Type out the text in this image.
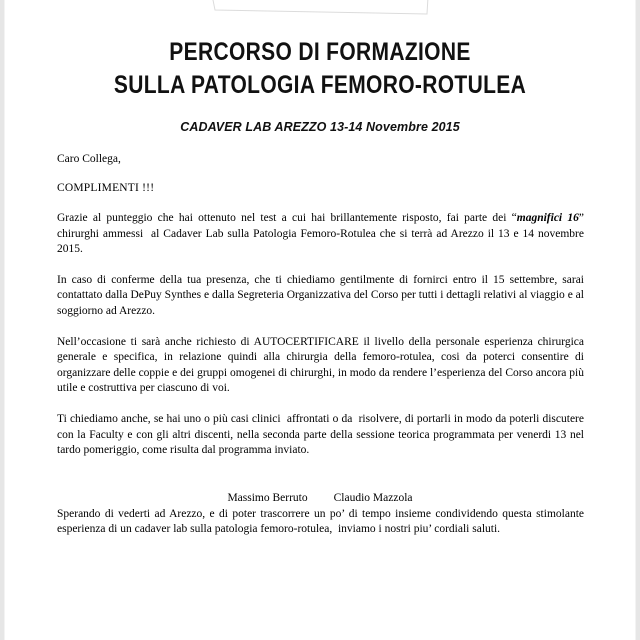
PERCORSO DI FORMAZIONE
SULLA PATOLOGIA FEMORO-ROTULEA
CADAVER LAB AREZZO 13-14 Novembre 2015

Caro Collega,

COMPLIMENTI !!!

Grazie al punteggio che hai ottenuto nel test a cui hai brillantemente risposto, fai parte dei “magnifici 16” chirurghi ammessi  al Cadaver Lab sulla Patologia Femoro-Rotulea che si terrà ad Arezzo il 13 e 14 novembre 2015.

In caso di conferme della tua presenza, che ti chiediamo gentilmente di fornirci entro il 15 settembre, sarai contattato dalla DePuy Synthes e dalla Segreteria Organizzativa del Corso per tutti i dettagli relativi al viaggio e al  soggiorno ad Arezzo.

Nell’occasione ti sarà anche richiesto di AUTOCERTIFICARE il livello della personale esperienza chirurgica generale e specifica, in relazione quindi alla chirurgia della femoro-rotulea, cosi da poterci consentire di organizzare delle coppie e dei gruppi omogenei di chirurghi, in modo da rendere l’esperienza del Corso ancora più utile e costruttiva per ciascuno di voi.

Ti chiediamo anche, se hai uno o più casi clinici  affrontati o da  risolvere, di portarli in modo da poterli discutere con la Faculty e con gli altri discenti, nella seconda parte della sessione teorica programmata per venerdi 13 nel tardo pomeriggio, come risulta dal programma inviato.

Sperando di vederti ad Arezzo, e di poter trascorrere un po’ di tempo insieme condividendo questa stimolante esperienza di un cadaver lab sulla patologia femoro-rotulea,  inviamo i nostri piu’ cordiali saluti.

Massimo Berruto Claudio Mazzola
